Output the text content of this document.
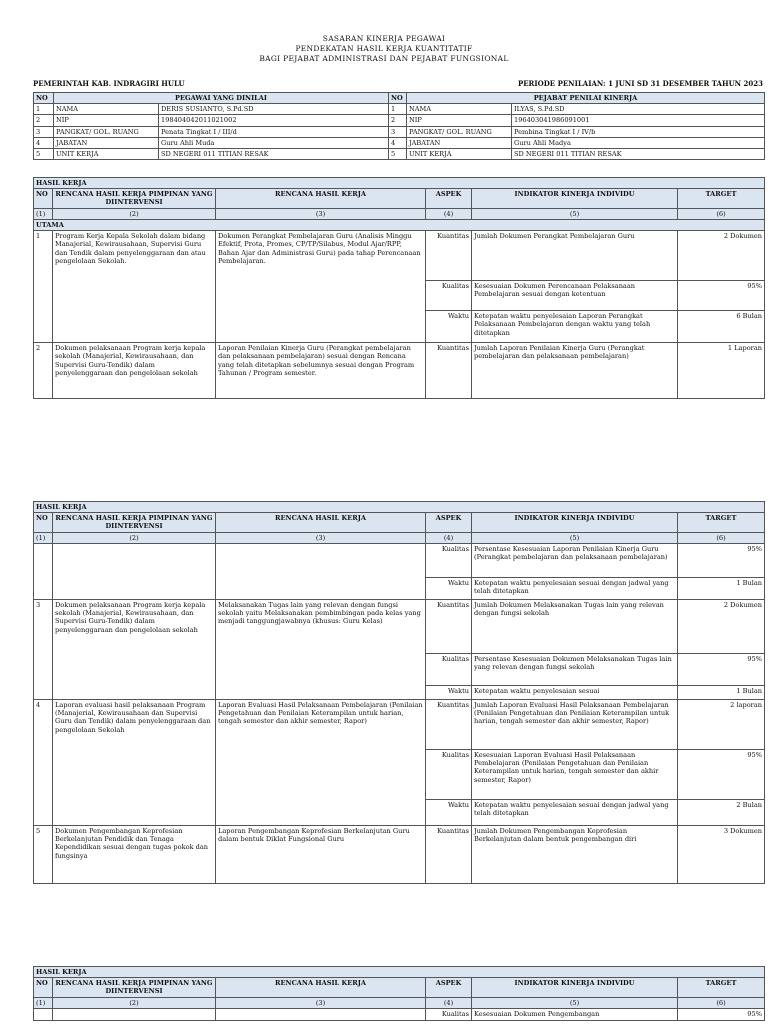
SASARAN KINERJA PEGAWAI
PENDEKATAN HASIL KERJA KUANTITATIF
BAGI PEJABAT ADMINISTRASI DAN PEJABAT FUNGSIONAL
PEMERINTAH KAB. INDRAGIRI HULU	PERIODE PENILAIAN: 1 JUNI SD 31 DESEMBER TAHUN 2023
NO	PEGAWAI YANG DINILAI		NO	PEJABAT PENILAI KINERJA	
1	NAMA	DERIS SUSIANTO, S.Pd.SD	1	NAMA	ILYAS, S.Pd.SD
2	NIP	198404042011021002	2	NIP	196403041986091001
3	PANGKAT/ GOL. RUANG	Penata Tingkat I / III/d	3	PANGKAT/ GOL. RUANG	Pembina Tingkat I / IV/b
4	JABATAN	Guru Ahli Muda	4	JABATAN	Guru Ahli Madya
5	UNIT KERJA	SD NEGERI 011 TITIAN RESAK	5	UNIT KERJA	SD NEGERI 011 TITIAN RESAK
HASIL KERJA					
NO	RENCANA HASIL KERJA PIMPINAN YANG DIINTERVENSI	RENCANA HASIL KERJA	ASPEK	INDIKATOR KINERJA INDIVIDU	TARGET
(1)	(2)	(3)	(4)	(5)	(6)
UTAMA					
1	Program Kerja Kepala Sekolah dalam bidang Manajerial, Kewirausahaan, Supervisi Guru dan Tendik dalam penyelenggaraan dan atau pengelolaan Sekolah.	Dokumen Perangkat Pembelajaran Guru (Analisis Minggu Efektif, Prota, Promes, CP/TP/Silabus, Modul Ajar/RPP, Bahan Ajar dan Administrasi Guru) pada tahap Perencanaan Pembelajaran.	Kuantitas	Jumlah Dokumen Perangkat Pembelajaran Guru	2 Dokumen
			Kualitas	Kesesuaian Dokumen Perencanaan Pelaksanaan Pembelajaran sesuai dengan ketentuan	95%
			Waktu	Ketepatan waktu penyelesaian Laporan Perangkat Pelaksanaan Pembelajaran dengan waktu yang telah ditetapkan	6 Bulan
2	Dokumen pelaksanaan Program kerja kepala sekolah (Manajerial, Kewirausahaan, dan Supervisi Guru-Tendik) dalam penyelenggaraan dan pengelolaan sekolah	Laporan Penilaian Kinerja Guru (Perangkat pembelajaran dan pelaksanaan pembelajaran) sesuai dengan Rencana yang telah ditetapkan sebelumnya sesuai dengan Program Tahunan / Program semester.	Kuantitas	Jumlah Laporan Penilaian Kinerja Guru (Perangkat pembelajaran dan pelaksanaan pembelajaran)	1 Laporan
HASIL KERJA					
NO	RENCANA HASIL KERJA PIMPINAN YANG DIINTERVENSI	RENCANA HASIL KERJA	ASPEK	INDIKATOR KINERJA INDIVIDU	TARGET
(1)	(2)	(3)	(4)	(5)	(6)
			Kualitas	Persentase Kesesuaian Laporan Penilaian Kinerja Guru (Perangkat pembelajaran dan pelaksanaan pembelajaran)	95%
			Waktu	Ketepatan waktu penyelesaian sesuai dengan jadwal yang telah ditetapkan	1 Bulan
3	Dokumen pelaksanaan Program kerja kepala sekolah (Manajerial, Kewirausahaan, dan Supervisi Guru-Tendik) dalam penyelenggaraan dan pengelolaan sekolah	Melaksanakan Tugas lain yang relevan dengan fungsi sekolah yaitu Melaksanakan pembimbingan pada kelas yang menjadi tanggungjawabnya (khusus: Guru Kelas)	Kuantitas	Jumlah Dokumen Melaksanakan Tugas lain yang relevan dengan fungsi sekolah	2 Dokumen
			Kualitas	Persentase Kesesuaian Dokumen Melaksanakan Tugas lain yang relevan dengan fungsi sekolah	95%
			Waktu	Ketepatan waktu penyelesaian sesuai	1 Bulan
4	Laporan evaluasi hasil pelaksanaan Program (Manajerial, Kewirausahaan dan Supervisi Guru dan Tendik) dalam penyelenggaraan dan pengelolaan Sekolah	Laporan Evaluasi Hasil Pelaksanaan Pembelajaran (Penilaian Pengetahuan dan Penilaian Keterampilan untuk harian, tengah semester dan akhir semester, Rapor)	Kuantitas	Jumlah Laporan Evaluasi Hasil Pelaksanaan Pembelajaran (Penilaian Pengetahuan dan Penilaian Keterampilan untuk harian, tengah semester dan akhir semester, Rapor)	2 laporan
			Kualitas	Kesesuaian Laporan Evaluasi Hasil Pelaksanaan Pembelajaran (Penilaian Pengetahuan dan Penilaian Keterampilan untuk harian, tengah semester dan akhir semester, Rapor)	95%
			Waktu	Ketepatan waktu penyelesaian sesuai dengan jadwal yang telah ditetapkan	2 Bulan
5	Dokumen Pengembangan Keprofesian Berkelanjutan Pendidik dan Tenaga Kependidikan sesuai dengan tugas pokok dan fungsinya	Laporan Pengembangan Keprofesian Berkelanjutan Guru dalam bentuk Diklat Fungsional Guru	Kuantitas	Jumlah Dokumen Pengembangan Keprofesian Berkelanjutan dalam bentuk pengembangan diri	3 Dokumen
HASIL KERJA					
NO	RENCANA HASIL KERJA PIMPINAN YANG DIINTERVENSI	RENCANA HASIL KERJA	ASPEK	INDIKATOR KINERJA INDIVIDU	TARGET
(1)	(2)	(3)	(4)	(5)	(6)
			Kualitas	Kesesuaian Dokumen Pengembangan	95%
